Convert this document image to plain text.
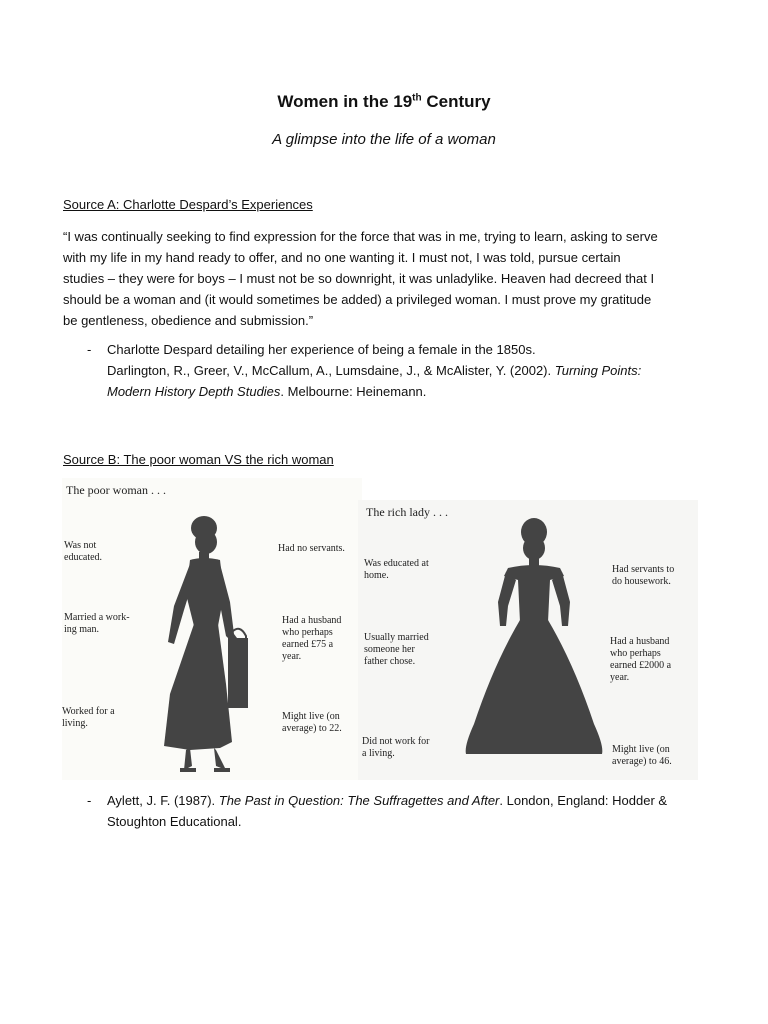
Women in the 19th Century
A glimpse into the life of a woman
Source A: Charlotte Despard’s Experiences
“I was continually seeking to find expression for the force that was in me, trying to learn, asking to serve
with my life in my hand ready to offer, and no one wanting it. I must not, I was told, pursue certain
studies – they were for boys – I must not be so downright, it was unladylike. Heaven had decreed that I
should be a woman and (it would sometimes be added) a privileged woman. I must prove my gratitude
be gentleness, obedience and submission.”
- Charlotte Despard detailing her experience of being a female in the 1850s.
Darlington, R., Greer, V., McCallum, A., Lumsdaine, J., & McAlister, Y. (2002). Turning Points:
Modern History Depth Studies. Melbourne: Heinemann.
Source B: The poor woman VS the rich woman
The poor woman . . .
Was not
educated.
Married a work-
ing man.
Worked for a
living.
Had no servants.
Had a husband
who perhaps
earned £75 a
year.
Might live (on
average) to 22.
The rich lady . . .
Was educated at
home.
Usually married
someone her
father chose.
Did not work for
a living.
Had servants to
do housework.
Had a husband
who perhaps
earned £2000 a
year.
Might live (on
average) to 46.
- Aylett, J. F. (1987). The Past in Question: The Suffragettes and After. London, England: Hodder &
Stoughton Educational.
